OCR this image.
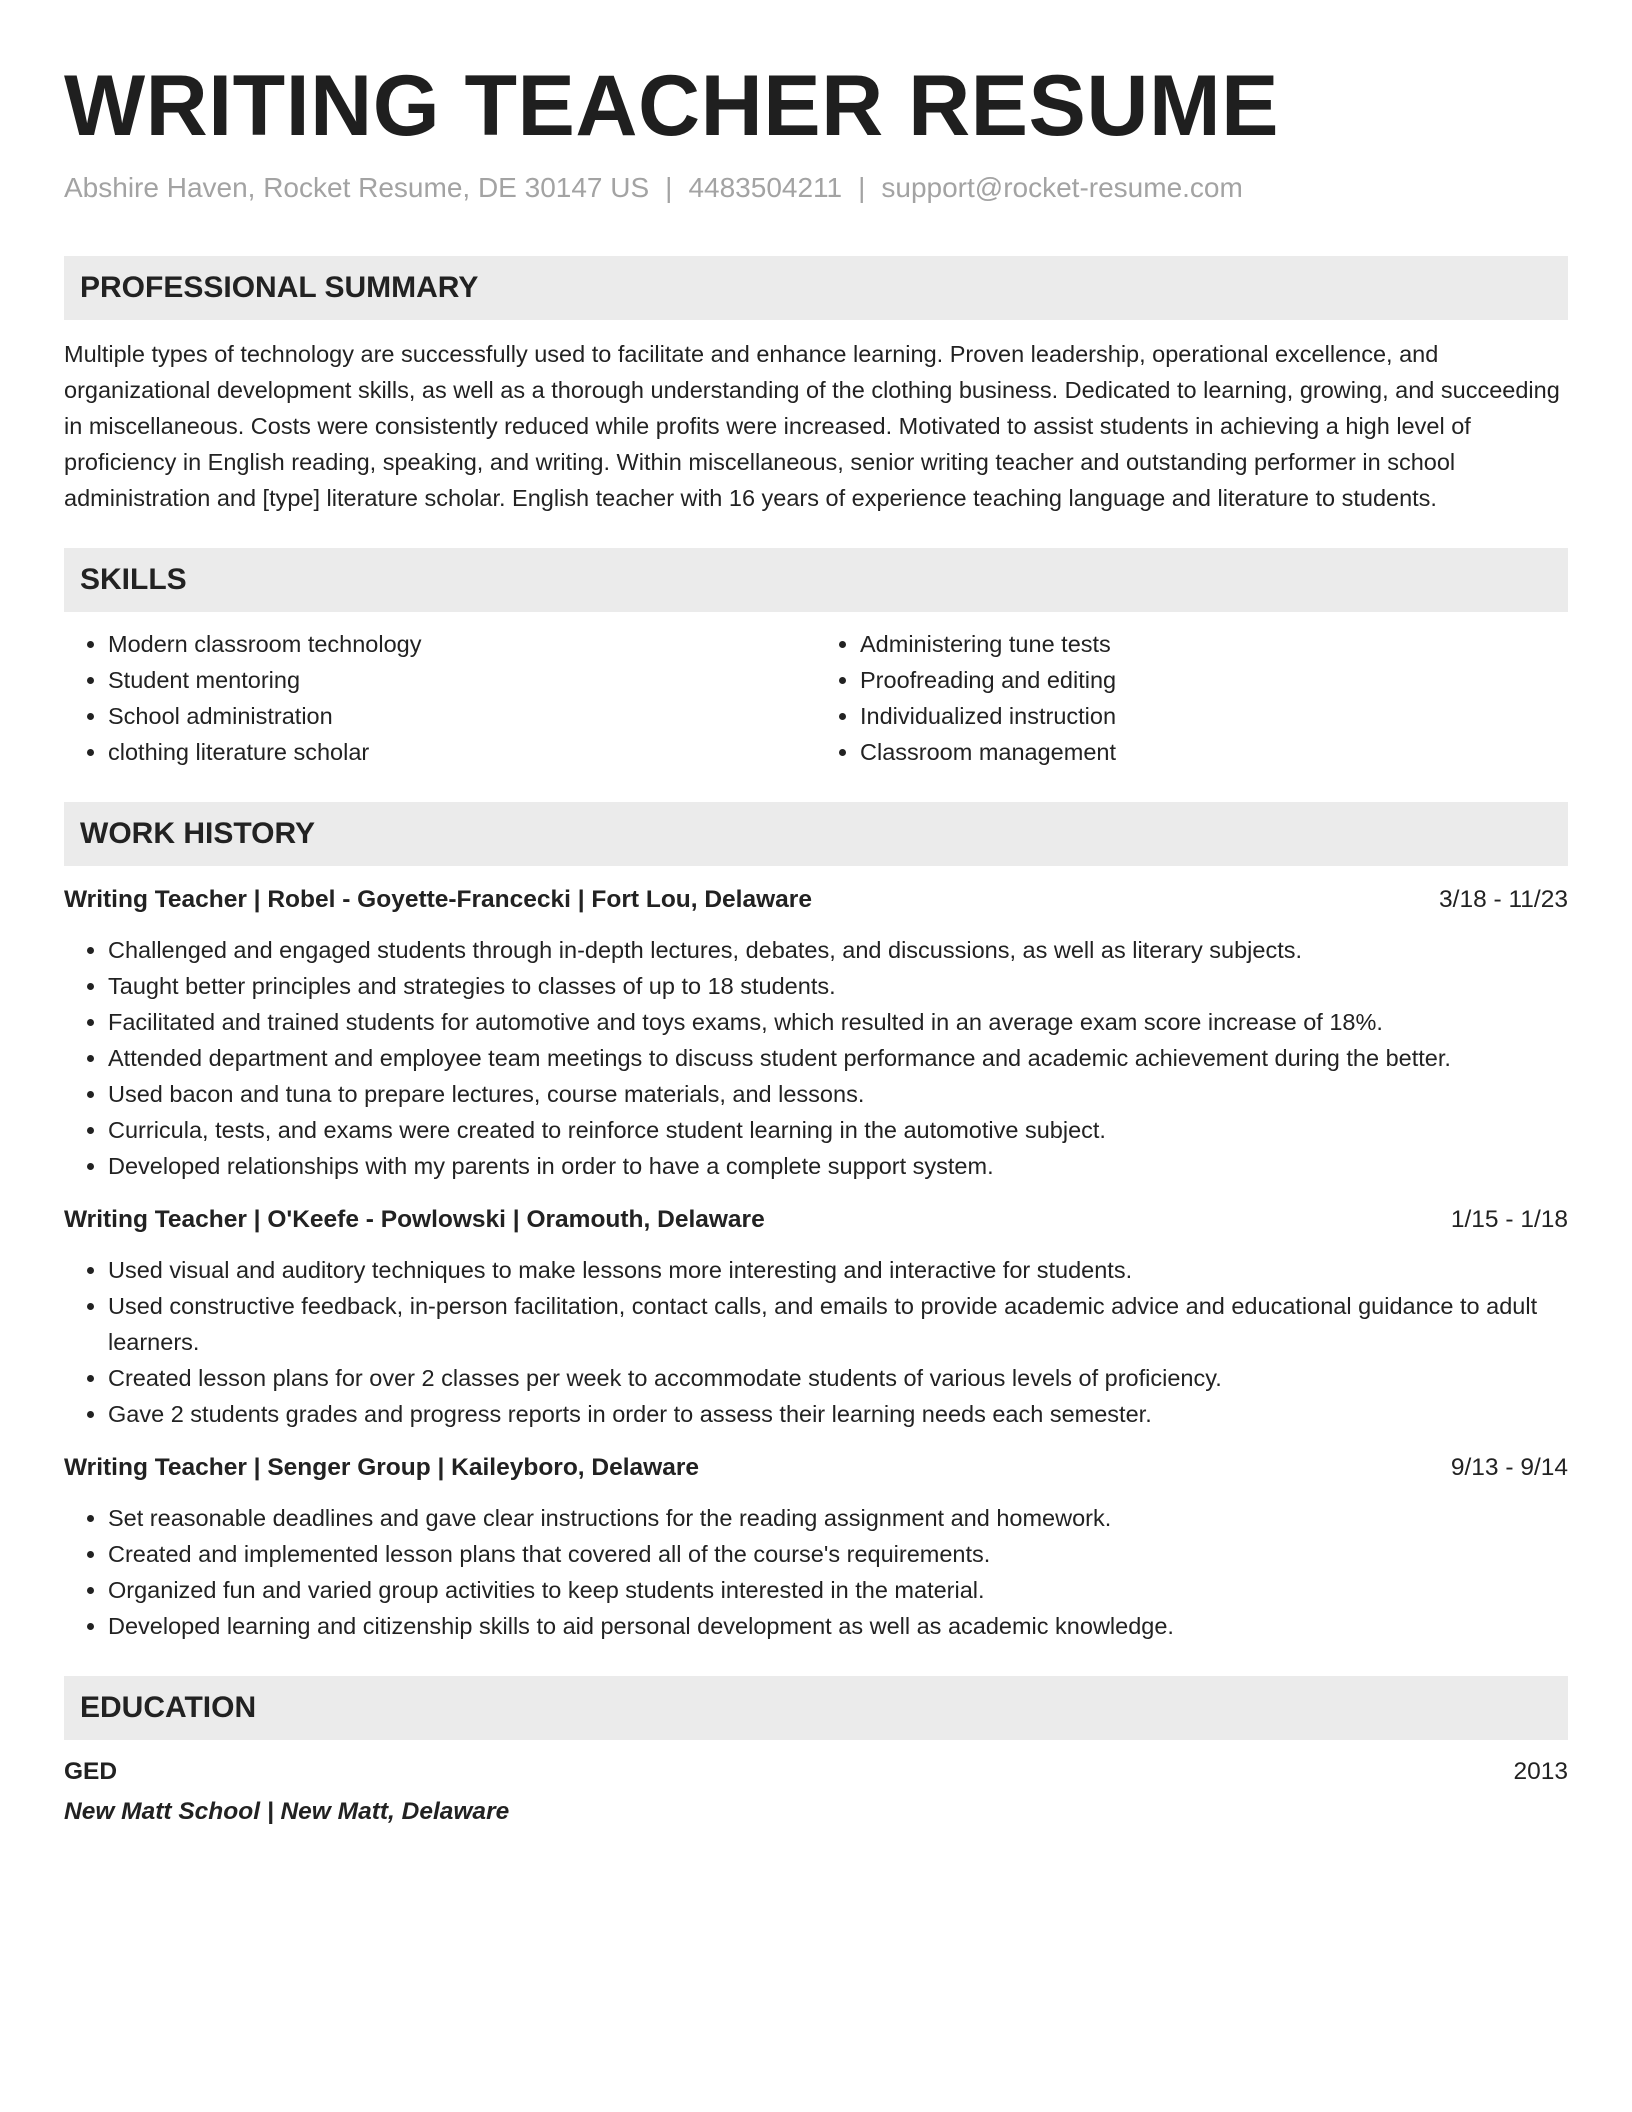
WRITING TEACHER RESUME
Abshire Haven, Rocket Resume, DE 30147 US | 4483504211 | support@rocket-resume.com
PROFESSIONAL SUMMARY

Multiple types of technology are successfully used to facilitate and enhance learning. Proven leadership, operational excellence, and organizational development skills, as well as a thorough understanding of the clothing business. Dedicated to learning, growing, and succeeding in miscellaneous. Costs were consistently reduced while profits were increased. Motivated to assist students in achieving a high level of proficiency in English reading, speaking, and writing. Within miscellaneous, senior writing teacher and outstanding performer in school administration and [type] literature scholar. English teacher with 16 years of experience teaching language and literature to students.

SKILLS
• Modern classroom technology
• Student mentoring
• School administration
• clothing literature scholar
• Administering tune tests
• Proofreading and editing
• Individualized instruction
• Classroom management
WORK HISTORY
Writing Teacher | Robel - Goyette-Francecki | Fort Lou, Delaware	3/18 - 11/23
• Challenged and engaged students through in-depth lectures, debates, and discussions, as well as literary subjects.
• Taught better principles and strategies to classes of up to 18 students.
• Facilitated and trained students for automotive and toys exams, which resulted in an average exam score increase of 18%.
• Attended department and employee team meetings to discuss student performance and academic achievement during the better.
• Used bacon and tuna to prepare lectures, course materials, and lessons.
• Curricula, tests, and exams were created to reinforce student learning in the automotive subject.
• Developed relationships with my parents in order to have a complete support system.
Writing Teacher | O'Keefe - Powlowski | Oramouth, Delaware	1/15 - 1/18
• Used visual and auditory techniques to make lessons more interesting and interactive for students.
• Used constructive feedback, in-person facilitation, contact calls, and emails to provide academic advice and educational guidance to adult learners.
• Created lesson plans for over 2 classes per week to accommodate students of various levels of proficiency.
• Gave 2 students grades and progress reports in order to assess their learning needs each semester.
Writing Teacher | Senger Group | Kaileyboro, Delaware	9/13 - 9/14
• Set reasonable deadlines and gave clear instructions for the reading assignment and homework.
• Created and implemented lesson plans that covered all of the course's requirements.
• Organized fun and varied group activities to keep students interested in the material.
• Developed learning and citizenship skills to aid personal development as well as academic knowledge.
EDUCATION
GED	2013
New Matt School | New Matt, Delaware
